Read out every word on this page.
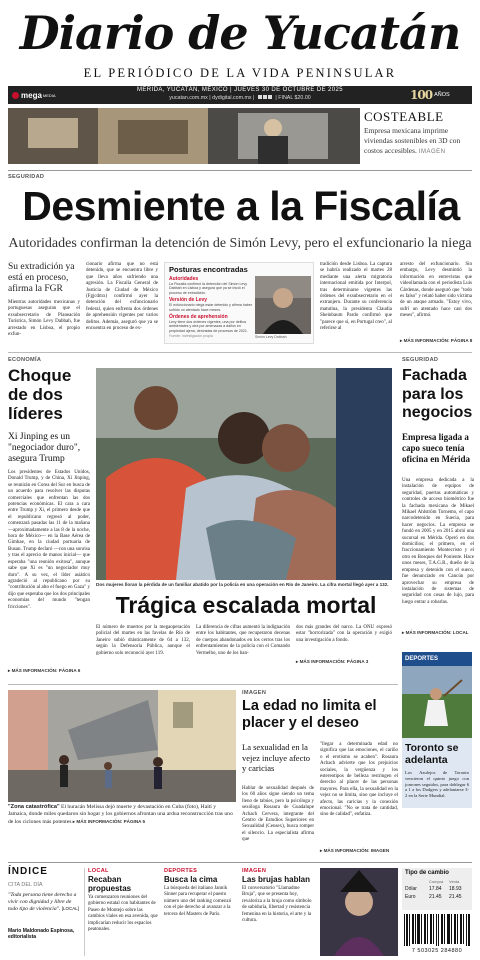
Diario de Yucatán
EL PERIÓDICO DE LA VIDA PENINSULAR
mega MEDIA
MÉRIDA, YUCATÁN, MÉXICO | JUEVES 30 DE OCTUBRE DE 2025
yucatan.com.mx | dydigital.com.mx |	| FINAL $20.00	100 AÑOS
COSTEABLE
Empresa mexicana imprime viviendas sostenibles en 3D con costos accesibles. IMAGEN
SEGURIDAD
Desmiente a la Fiscalía
Autoridades confirman la detención de Simón Levy, pero el exfuncionario la niega
Su extradición ya está en proceso, afirma la FGR
Mientras autoridades mexicanas y portuguesas aseguran que el exsubsecretario de Planeación Turística, Simón Levy Dabbah, fue arrestado en Lisboa, el propio exfun-
cionario afirma que no está detenido, que se encuentra libre y que lleva años sufriendo una agresión. La Fiscalía General de Justicia de Ciudad de México (Fgjcdmx) confirmó ayer la detención del exfuncionario federal, quien enfrenta dos órdenes de aprehensión vigentes por varios delitos. Además, aseguró que ya se encuentra en proceso de ex-
Posturas encontradas
Autoridades
La Fiscalía confirmó la detención del Simón Levy Dabbah en Lisboa y asegura que ya se inició el proceso de extradición.
Versión de Levy
El exfuncionario niega estar detenido y afirma haber sufrido un atentado hace meses.
Órdenes de aprehensión
Levy tiene dos órdenes vigentes, una por delitos ambientales y otra por amenazas a daños en propiedad ajena, derivadas de procesos de 2021.
Fuente: Investigación propia	Simón Levy Dabbah
tradición desde Lisboa. La captura se habría realizado el martes 28 mediante una alerta migratoria internacional emitida por Interpol, tras determinarse vigentes las órdenes del exsubsecretario en el extranjero. Durante su conferencia matutina, la presidenta Claudia Sheinbaum Pardo confirmó que "parece que sí, en Portugal creo", al referirse al
arresto del exfuncionario. Sin embargo, Levy desmintió la información en entrevistas que videollamada con el periodista Luis Cárdenas, donde aseguró que "todo es falso" y relató haber sido víctima de un ataque armado. "Estoy vivo, sufrí un atentado hace casi dos meses", afirmó.
▸ MÁS INFORMACIÓN: PÁGINA 8
ECONOMÍA
Choque de dos líderes
Xi Jinping es un "negociador duro", asegura Trump
Los presidentes de Estados Unidos, Donald Trump, y de China, Xi Jinping, se reunirán en Corea del Sur en busca de un acuerdo para resolver las disputas comerciales que enfrentan las dos potencias económicas. El cara a cara entre Trump y Xi, el primero desde que el republicano regresó al poder, comenzará pasadas las 11 de la mañana —aproximadamente a las 8 de la noche, hora de México— en la Base Aérea de Gimhae, en la ciudad portuaria de Busan. Trump declaró —con una sonrisa y tras el aprecio de manos inicial— que esperaba "una reunión exitosa", aunque sabe que Xi es "un negociador muy duro". A su vez, el líder asiático agradeció al republicano por su "contribución al alto el fuego en Gaza" y dijo que esperaba que los dos principales economías del mundo "tengan fricciones".
▸ MÁS INFORMACIÓN: PÁGINA 6
Dos mujeres lloran la pérdida de un familiar abatido por la policía en una operación en Río de Janeiro. La cifra mortal llegó ayer a 132.
Trágica escalada mortal
El número de muertos por la megaoperación policial del martes en las favelas de Río de Janeiro subió drásticamente de 64 a 132, según la Defensoría Pública, aunque el gobierno solo reconoció ayer 119.
La diferencia de cifras aumentó la indignación entre los habitantes, que recuperaron decenas de cuerpos abandonados en los cerros tras los enfrentamientos de la policía con el Comando Vermelho, uno de los ban-
dos más grandes del narco. La ONU expresó estar "horrorizada" con la operación y exigió una investigación a fondo.
▸ MÁS INFORMACIÓN: PÁGINA 3
SEGURIDAD
Fachada para los negocios
Empresa ligada a capo sueco tenía oficina en Mérida
Una empresa dedicada a la instalación de equipos de seguridad, puertas automáticas y controles de acceso biométrico fue la fachada mexicana de Mikael Mikael Ahlström Tornemo, el capo narcodetenido en Suecia, para hacer negocios. La empresa se fundó en 2005 y en 2015 abrió una sucursal en Mérida. Operó en dos domicilios; el primero, en el fraccionamiento Montecristo y el otro en Bosques del Poniente. Hace unos meses, T.A.G.R., dueño de la empresa y detenido con el sueco, fue denunciado en Cancún por aprovechar su empresa de instalación de sistemas de seguridad con cosas de lujo, para luego entrar a robarlas.
▸ MÁS INFORMACIÓN: LOCAL
DEPORTES
Toronto se adelanta
Los Azulejos de Toronto vencieron el quinto juego con jonrones seguidos, para doblegar 6 a 1 a los Dodgers y adelantarse 3-2 en la Serie Mundial.
"Zona catastrófica" El huracán Melissa dejó muerte y devastación en Cuba (foto), Haití y Jamaica, donde miles quedaron sin hogar y los gobiernos afrontan una ardua reconstrucción tras uno de los ciclones más potentes ▸ MÁS INFORMACIÓN: PÁGINA 5
IMAGEN
La edad no limita el placer y el deseo
La sexualidad en la vejez incluye afecto y caricias
Hablar de sexualidad después de los 60 años sigue siendo un tema lleno de tabúes, pero la psicóloga y sexóloga Rosaura de Guadalupe Achach Cervera, integrante del Centro de Estudios Superiores en Sexualidad (Censex), busca romper el silencio. La especialista afirma que
"llegar a determinada edad no significa que las emociones, el cariño o el erotismo se acaben". Rosaura Achach advierte que los prejuicios sociales, la vergüenza y los estereotipos de belleza restringen el derecho al placer de las personas mayores. Para ella, la sexualidad en la vejez no se limita, sino que incluye el afecto, las caricias y la conexión emocional. "No se trata de cantidad, sino de calidad", enfatiza.
▸ MÁS INFORMACIÓN: IMAGEN
ÍNDICE
CITA DEL DÍA
"Toda persona tiene derecho a vivir con dignidad y libre de todo tipo de violencia". [LOCAL]
Mario Maldonado Espinosa, editorialista
LOCAL
Recaban propuestas
Ya comenzaron reuniones del gobierno estatal con habitantes de Paseo de Montejo sobre las cambios viales en esa avenida, que implicarían reducir los espacios peatonales.
DEPORTES
Busca la cima
La búsqueda del italiano Jannik Sinner para recuperar el puesto número uno del ranking comenzó con el pie derecho al avanzar a la tercera del Masters de París.
IMAGEN
Las brujas hablan
El conversatorio "Llamadme Bruja", que se presenta hoy, revaloriza a la bruja como símbolo de sabiduría, libertad y resistencia femenina en la historia, el arte y la cultura.
Tipo de cambio
Compra	Venta
Dólar	17.84	18.93
Euro	21.45	21.45
7 503025 284880
